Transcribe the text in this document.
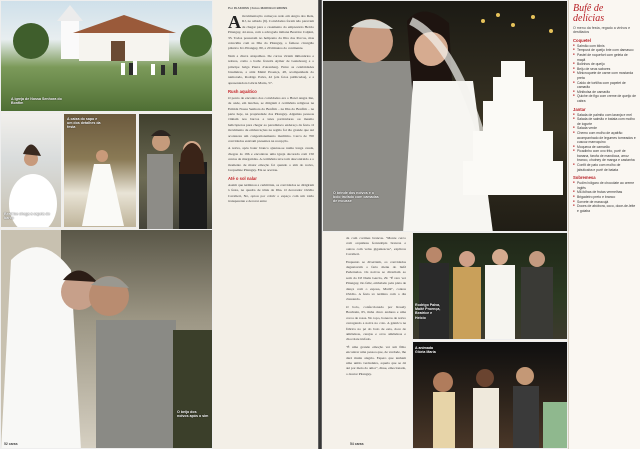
A igreja de Nossa Senhora do Bonfim
Beatrice chega à capela de barco
A caixa do sapo e um dos detalhes da festa
O beijo dos noivos após o sim
Por IN AKIOSS | Fotos MARCELO BRUNS
A movimentação começou cedo em Angra dos Reis, RJ, no sábado (9). Convidados foram não paravam de chegar para o casamento do empresário Helcio Pitanguy, 44 anos, com a advogada italiana Beatrice Calpini, 33. Todos pousaram no heliponto da Ilha dos Porcos, mas coincidiu com as Ilha do Pitanguy, o famoso cirurgião plástico Ivo Pitanguy, 80, a 20 minutos do continente.

Nem a chuva atrapalhou. De carros viriam milionários e nobres, como o barão francês Aymar de Gunsbourg e o príncipe belga Pierre d'Arenberg. Entre as celebridades brasileiras, a atriz Maitê Proença, 48, acompanhada do namorado, Rodrigo Paiva, 42 (ela fotos publicadas), e a apresentadora Glória Maria, 57.

Rush aquático

O ponto de encontro dos convidados era o Hotel Angra Inn, de onde, em lanchas, se dirigiam à cerimônia religiosa na Ermida Nossa Senhora do Bonfim – na Ilha do Bonfim – na parte hoje, na propriedade dos Pitanguy. Algumas pessoas vinham nos barcos e iates particulares ou mesmo helicópteros para chegar ao paradisíaco endereço da festa. O movimento de embarcações na região foi tão grande que até aconteceu um congestionamento marítimo. Cerca de 700 convidados estavam presentes na recepção.

A noiva, após bater branco ajustou-se numa longa cauda, chegou às 19h e encontrou uma igreja decorada com 150 centos de margaridas. A cerimônia teve tom descontraído e o momento de maior emoção foi quando o sim do noivo, Jacqueline Pitanguy. Ela se acertou.

Até o sol nalar

Assim que terminou a cerimônia, os convidados se dirigiram à festa, na quadra de tênis da Ilha. O decorador Ovídio Cavalieri, Nó, optou por cobrir o espaço com um toldo transparente e decorar entre

52 caras
O brinde dos noivos e o bolo trufado com camadas de mousse

da com cortinas brancas. "Monte cerco com orquídeas fecundópis brancas e outros com velas gigantescas", explicou Cavalieri.

Enquanto se divertiam, os convidados degustavam o farto menu do bufê Pedernelos. Os noivos se divertiam ao som do DJ Duda Garcia, 29. "É raro ver Pitanguy, tão feliz, embalado pela pista de dança com o esposa, Marlê", contou Ovídio. A festa só termina com o dia clareando.

O bolo, confeccionado por Rosely Boubrein, 65, tinha cinco andares e uma coroa de rosas. No topo, bonecos de noivo carregando a noiva no colo. A gástrica na fábrica no pé do bolo de esta, doce de amêndoas, cerejas e ovos amêndoas e chocolate trufado.

"É uma grande emoção ver um filho encontrar uma pessoa que, de verdade, lhe dará muita alegria. Espero que tenham uma união verdadeira, aquela que se dá até por meio do amor", disse, emocionada, o doutor Pitanguy.

Rodrigo Paiva, Maitê Proença, Beatrice e Helcio
A animada Glória Maria
54 caras
Bufê de delícias
O menu da festa, regado a vinhos e destilados
Coquetel
■ Salmão com blinis
■ Tempurá de queijo brie com damasco
■ Pastel de roquefort com geleia de maçã
■ Bolinhos de queijo
■ Beiju de seus sabores
■ Minicroquete de carne com mostarda preta
■ Caldo de tortilha com papelet de camarão
■ Minibolsa de camarão
■ Quiche de figo com creme de queijo de cabra
Jantar
■ Salada de palmito com laranja e mel
■ Salada de salmão e batata com molho de iogurte
■ Salada verde
■ Chemo com molho de açafrão acompanhado de legumes torneados e cuscuz marroquino
■ Moqueca de camarão
■ Picadinho com ovo frito, purê de banana, farofa de mandioca, arroz branco, chutney de manga e castanha
■ Confit de pato com molho de jabuticaba e purê de batata
Sobremesa
■ Pudim bólgaro de chocolate ao creme inglês
■ Mil-folhas de frutas vermelhas
■ Brigadeiro preto e branco
■ Sorvete de maracujá
■ Doces de abóbora, coco, doce-de-leite e goiaba
